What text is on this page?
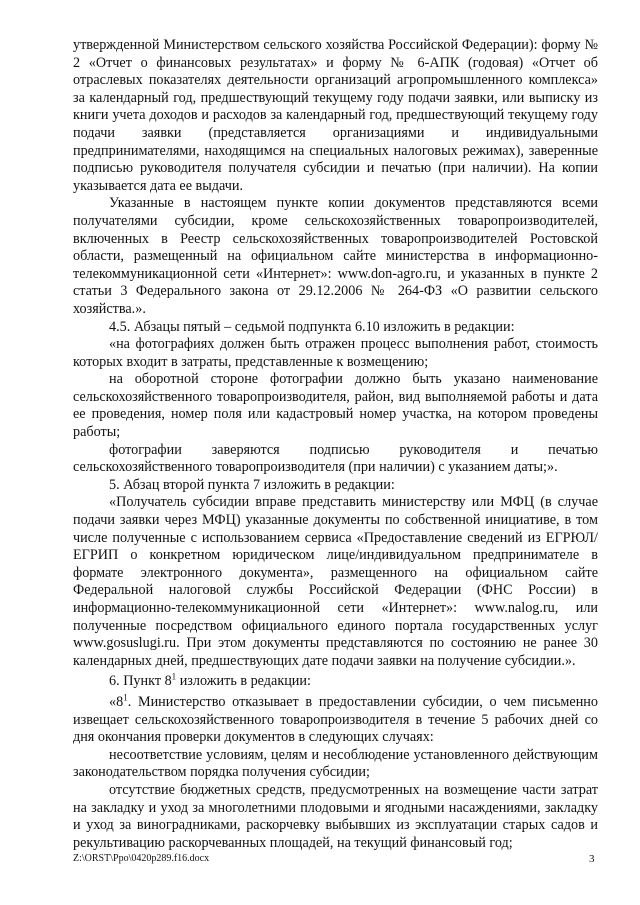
утвержденной Министерством сельского хозяйства Российской Федерации): форму № 2 «Отчет о финансовых результатах» и форму № 6-АПК (годовая) «Отчет об отраслевых показателях деятельности организаций агропромышленного комплекса» за календарный год, предшествующий текущему году подачи заявки, или выписку из книги учета доходов и расходов за календарный год, предшествующий текущему году подачи заявки (представляется организациями и индивидуальными предпринимателями, находящимся на специальных налоговых режимах), заверенные подписью руководителя получателя субсидии и печатью (при наличии). На копии указывается дата ее выдачи.

Указанные в настоящем пункте копии документов представляются всеми получателями субсидии, кроме сельскохозяйственных товаропроизводителей, включенных в Реестр сельскохозяйственных товаропроизводителей Ростовской области, размещенный на официальном сайте министерства в информационно-телекоммуникационной сети «Интернет»: www.don-agro.ru, и указанных в пункте 2 статьи 3 Федерального закона от 29.12.2006 № 264-ФЗ «О развитии сельского хозяйства.».

4.5. Абзацы пятый – седьмой подпункта 6.10 изложить в редакции:

«на фотографиях должен быть отражен процесс выполнения работ, стоимость которых входит в затраты, представленные к возмещению;

на оборотной стороне фотографии должно быть указано наименование сельскохозяйственного товаропроизводителя, район, вид выполняемой работы и дата ее проведения, номер поля или кадастровый номер участка, на котором проведены работы;

фотографии заверяются подписью руководителя и печатью сельскохозяйственного товаропроизводителя (при наличии) с указанием даты;».

5. Абзац второй пункта 7 изложить в редакции:

«Получатель субсидии вправе представить министерству или МФЦ (в случае подачи заявки через МФЦ) указанные документы по собственной инициативе, в том числе полученные с использованием сервиса «Предоставление сведений из ЕГРЮЛ/ЕГРИП о конкретном юридическом лице/индивидуальном предпринимателе в формате электронного документа», размещенного на официальном сайте Федеральной налоговой службы Российской Федерации (ФНС России) в информационно-телекоммуникационной сети «Интернет»: www.nalog.ru, или полученные посредством официального единого портала государственных услуг www.gosuslugi.ru. При этом документы представляются по состоянию не ранее 30 календарных дней, предшествующих дате подачи заявки на получение субсидии.».

6. Пункт $8^1$ изложить в редакции:

«$8^1$. Министерство отказывает в предоставлении субсидии, о чем письменно извещает сельскохозяйственного товаропроизводителя в течение 5 рабочих дней со дня окончания проверки документов в следующих случаях:

несоответствие условиям, целям и несоблюдение установленного действующим законодательством порядка получения субсидии;

отсутствие бюджетных средств, предусмотренных на возмещение части затрат на закладку и уход за многолетними плодовыми и ягодными насаждениями, закладку и уход за виноградниками, раскорчевку выбывших из эксплуатации старых садов и рекультивацию раскорчеванных площадей, на текущий финансовый год;

Z:\ORST\Ppo\0420p289.f16.docx	3
